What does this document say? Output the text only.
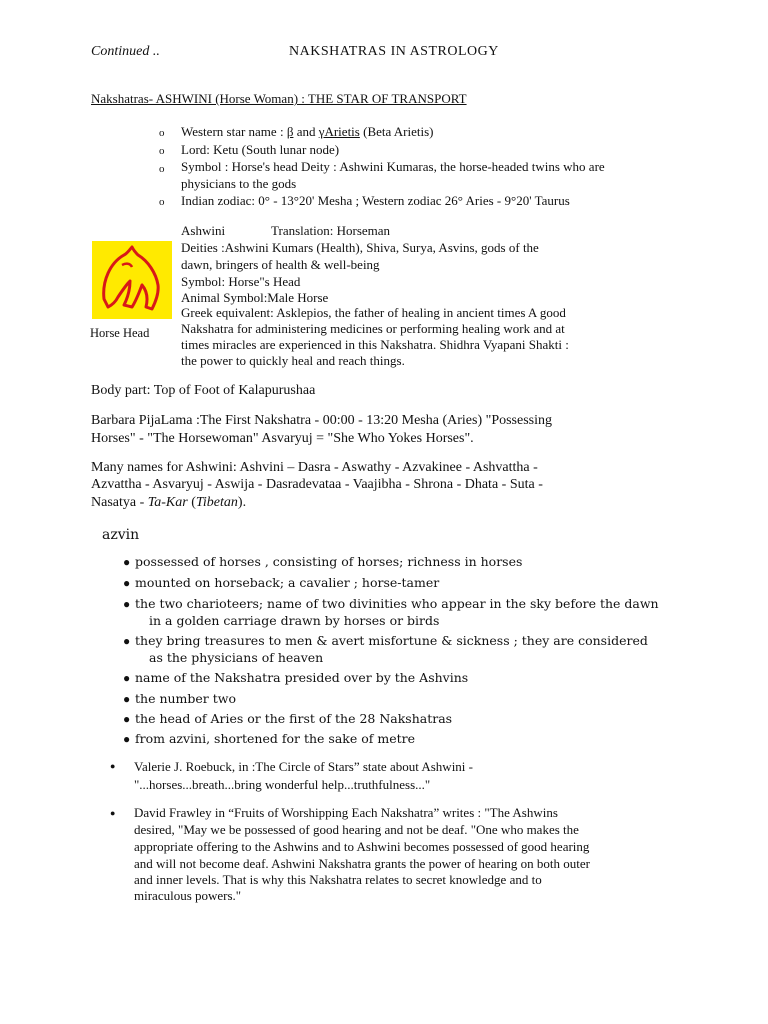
Continued ..	NAKSHATRAS IN ASTROLOGY
Nakshatras- ASHWINI (Horse Woman) : THE STAR OF TRANSPORT
o Western star name : β and γArietis (Beta Arietis)
o Lord: Ketu (South lunar node)
o Symbol : Horse's head Deity : Ashwini Kumaras, the horse-headed twins who are
physicians to the gods
o Indian zodiac: 0° - 13°20' Mesha ; Western zodiac 26° Aries - 9°20' Taurus
Horse Head
Ashwini	Translation: Horseman
Deities :Ashwini Kumars (Health), Shiva, Surya, Asvins, gods of the
dawn, bringers of health & well-being
Symbol: Horse"s Head
Animal Symbol:Male Horse
Greek equivalent: Asklepios, the father of healing in ancient times A good
Nakshatra for administering medicines or performing healing work and at
times miracles are experienced in this Nakshatra. Shidhra Vyapani Shakti :
the power to quickly heal and reach things.
Body part: Top of Foot of Kalapurushaa
Barbara PijaLama :The First Nakshatra - 00:00 - 13:20 Mesha (Aries) "Possessing
Horses" - "The Horsewoman" Asvaryuj = "She Who Yokes Horses".
Many names for Ashwini: Ashvini – Dasra - Aswathy - Azvakinee - Ashvattha -
Azvattha - Asvaryuj - Aswija - Dasradevataa - Vaajibha - Shrona - Dhata - Suta -
Nasatya - Ta-Kar (Tibetan).
azvin
● possessed of horses , consisting of horses; richness in horses
● mounted on horseback; a cavalier ; horse-tamer
● the two charioteers; name of two divinities who appear in the sky before the dawn
in a golden carriage drawn by horses or birds
● they bring treasures to men & avert misfortune & sickness ; they are considered
as the physicians of heaven
● name of the Nakshatra presided over by the Ashvins
● the number two
● the head of Aries or the first of the 28 Nakshatras
● from azvini, shortened for the sake of metre
● Valerie J. Roebuck, in :The Circle of Stars” state about Ashwini -
"...horses...breath...bring wonderful help...truthfulness..."
● David Frawley in “Fruits of Worshipping Each Nakshatra” writes : "The Ashwins
desired, "May we be possessed of good hearing and not be deaf. "One who makes the
appropriate offering to the Ashwins and to Ashwini becomes possessed of good hearing
and will not become deaf. Ashwini Nakshatra grants the power of hearing on both outer
and inner levels. That is why this Nakshatra relates to secret knowledge and to
miraculous powers."
